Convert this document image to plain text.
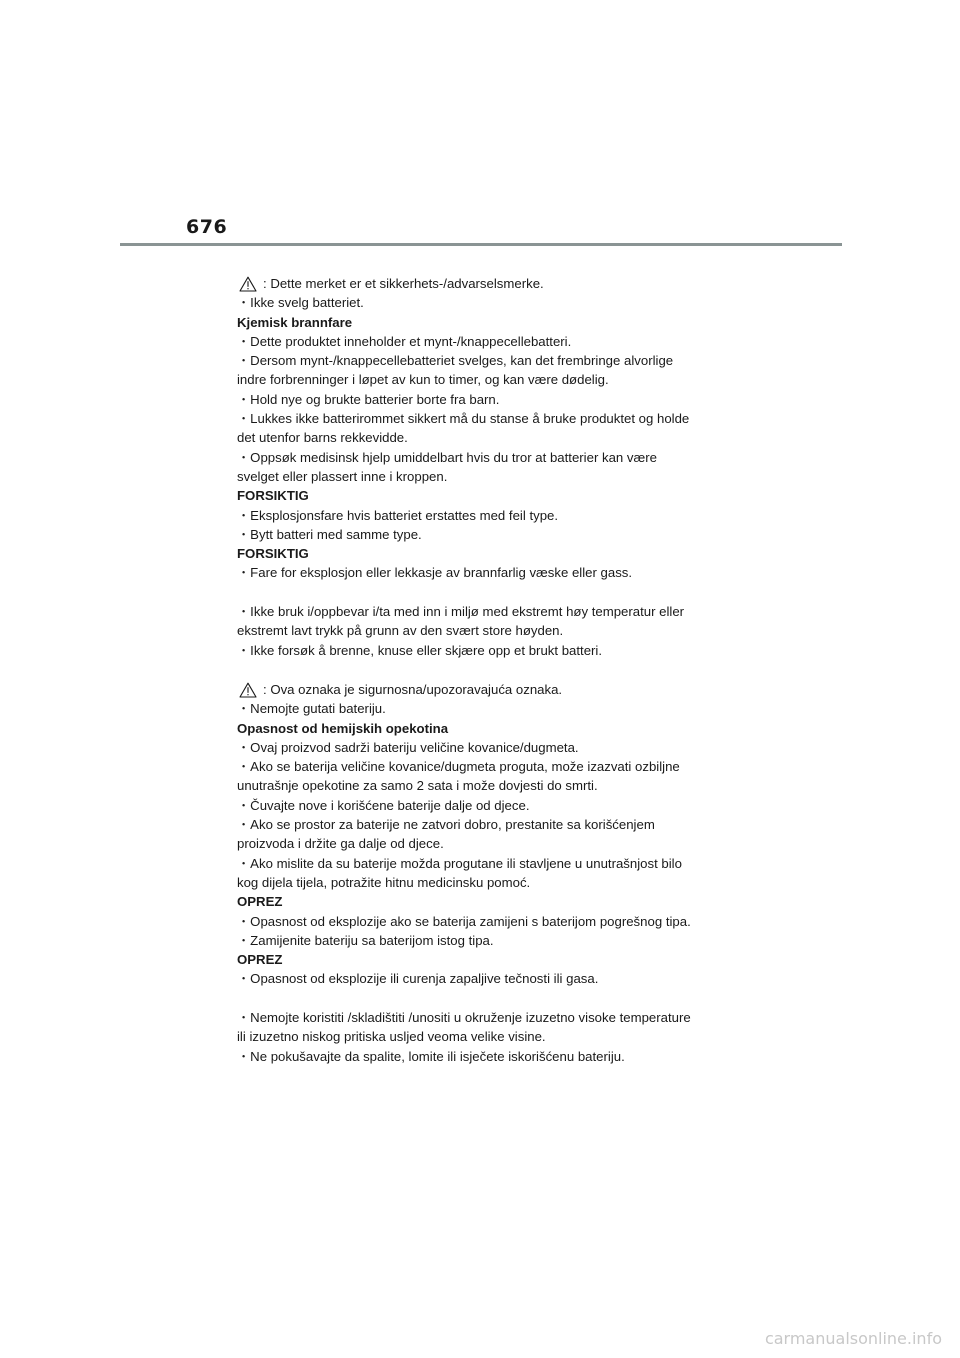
676
: Dette merket er et sikkerhets-/advarselsmerke.
・Ikke svelg batteriet.
Kjemisk brannfare
・Dette produktet inneholder et mynt-/knappecellebatteri.
・Dersom mynt-/knappecellebatteriet svelges, kan det frembringe alvorlige
indre forbrenninger i løpet av kun to timer, og kan være dødelig.
・Hold nye og brukte batterier borte fra barn.
・Lukkes ikke batterirommet sikkert må du stanse å bruke produktet og holde
det utenfor barns rekkevidde.
・Oppsøk medisinsk hjelp umiddelbart hvis du tror at batterier kan være
svelget eller plassert inne i kroppen.
FORSIKTIG
・Eksplosjonsfare hvis batteriet erstattes med feil type.
・Bytt batteri med samme type.
FORSIKTIG
・Fare for eksplosjon eller lekkasje av brannfarlig væske eller gass.
・Ikke bruk i/oppbevar i/ta med inn i miljø med ekstremt høy temperatur eller
ekstremt lavt trykk på grunn av den svært store høyden.
・Ikke forsøk å brenne, knuse eller skjære opp et brukt batteri.
: Ova oznaka je sigurnosna/upozoravajuća oznaka.
・Nemojte gutati bateriju.
Opasnost od hemijskih opekotina
・Ovaj proizvod sadrži bateriju veličine kovanice/dugmeta.
・Ako se baterija veličine kovanice/dugmeta proguta, može izazvati ozbiljne
unutrašnje opekotine za samo 2 sata i može dovjesti do smrti.
・Čuvajte nove i korišćene baterije dalje od djece.
・Ako se prostor za baterije ne zatvori dobro, prestanite sa korišćenjem
proizvoda i držite ga dalje od djece.
・Ako mislite da su baterije možda progutane ili stavljene u unutrašnjost bilo
kog dijela tijela, potražite hitnu medicinsku pomoć.
OPREZ
・Opasnost od eksplozije ako se baterija zamijeni s baterijom pogrešnog tipa.
・Zamijenite bateriju sa baterijom istog tipa.
OPREZ
・Opasnost od eksplozije ili curenja zapaljive tečnosti ili gasa.
・Nemojte koristiti /skladištiti /unositi u okruženje izuzetno visoke temperature
ili izuzetno niskog pritiska usljed veoma velike visine.
・Ne pokušavajte da spalite, lomite ili isječete iskorišćenu bateriju.
carmanualsonline.info
